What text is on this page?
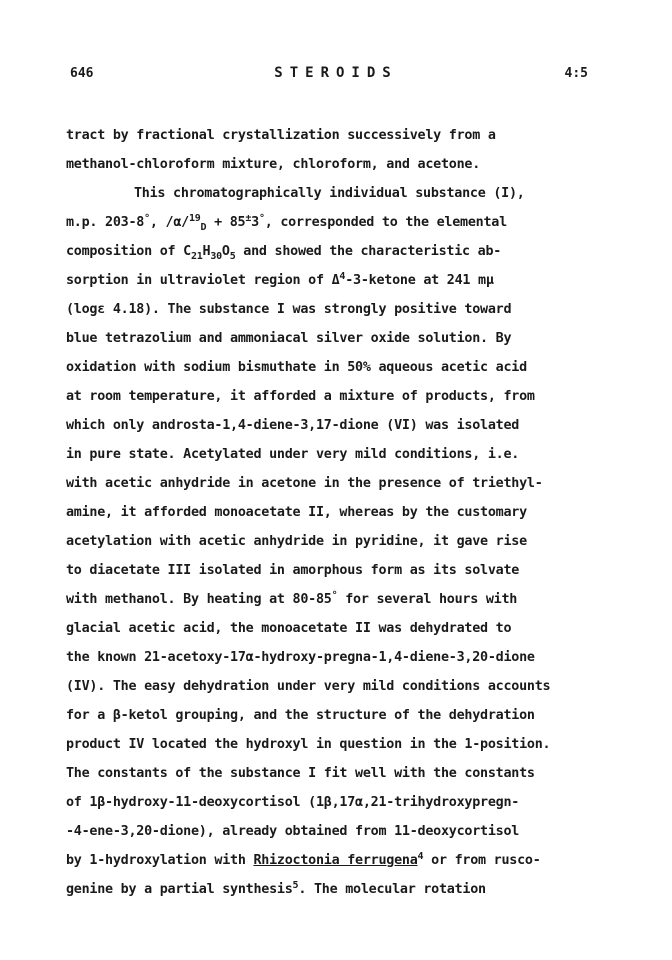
646	STEROIDS	4:5
tract by fractional crystallization successively from a
methanol-chloroform mixture, chloroform, and acetone.
This chromatographically individual substance (I),
m.p. 203-8°, /α/$^{19}_D$ + 85±3°, corresponded to the elemental
composition of $C_{21}H_{30}O_5$ and showed the characteristic ab-
sorption in ultraviolet region of $\Delta^4-3$-ketone at 241 mμ
(logε 4.18). The substance I was strongly positive toward
blue tetrazolium and ammoniacal silver oxide solution. By
oxidation with sodium bismuthate in 50% aqueous acetic acid
at room temperature, it afforded a mixture of products, from
which only androsta-1,4-diene-3,17-dione (VI) was isolated
in pure state. Acetylated under very mild conditions, i.e.
with acetic anhydride in acetone in the presence of triethyl-
amine, it afforded monoacetate II, whereas by the customary
acetylation with acetic anhydride in pyridine, it gave rise
to diacetate III isolated in amorphous form as its solvate
with methanol. By heating at 80-85° for several hours with
glacial acetic acid, the monoacetate II was dehydrated to
the known 21-acetoxy-17α-hydroxy-pregna-1,4-diene-3,20-dione
(IV). The easy dehydration under very mild conditions accounts
for a β-ketol grouping, and the structure of the dehydration
product IV located the hydroxyl in question in the 1-position.
The constants of the substance I fit well with the constants
of 1β-hydroxy-11-deoxycortisol (1β,17α,21-trihydroxypregn-
-4-ene-3,20-dione), already obtained from 11-deoxycortisol
by 1-hydroxylation with Rhizoctonia ferrugena$^4$ or from rusco-
genine by a partial synthesis$^5$. The molecular rotation
